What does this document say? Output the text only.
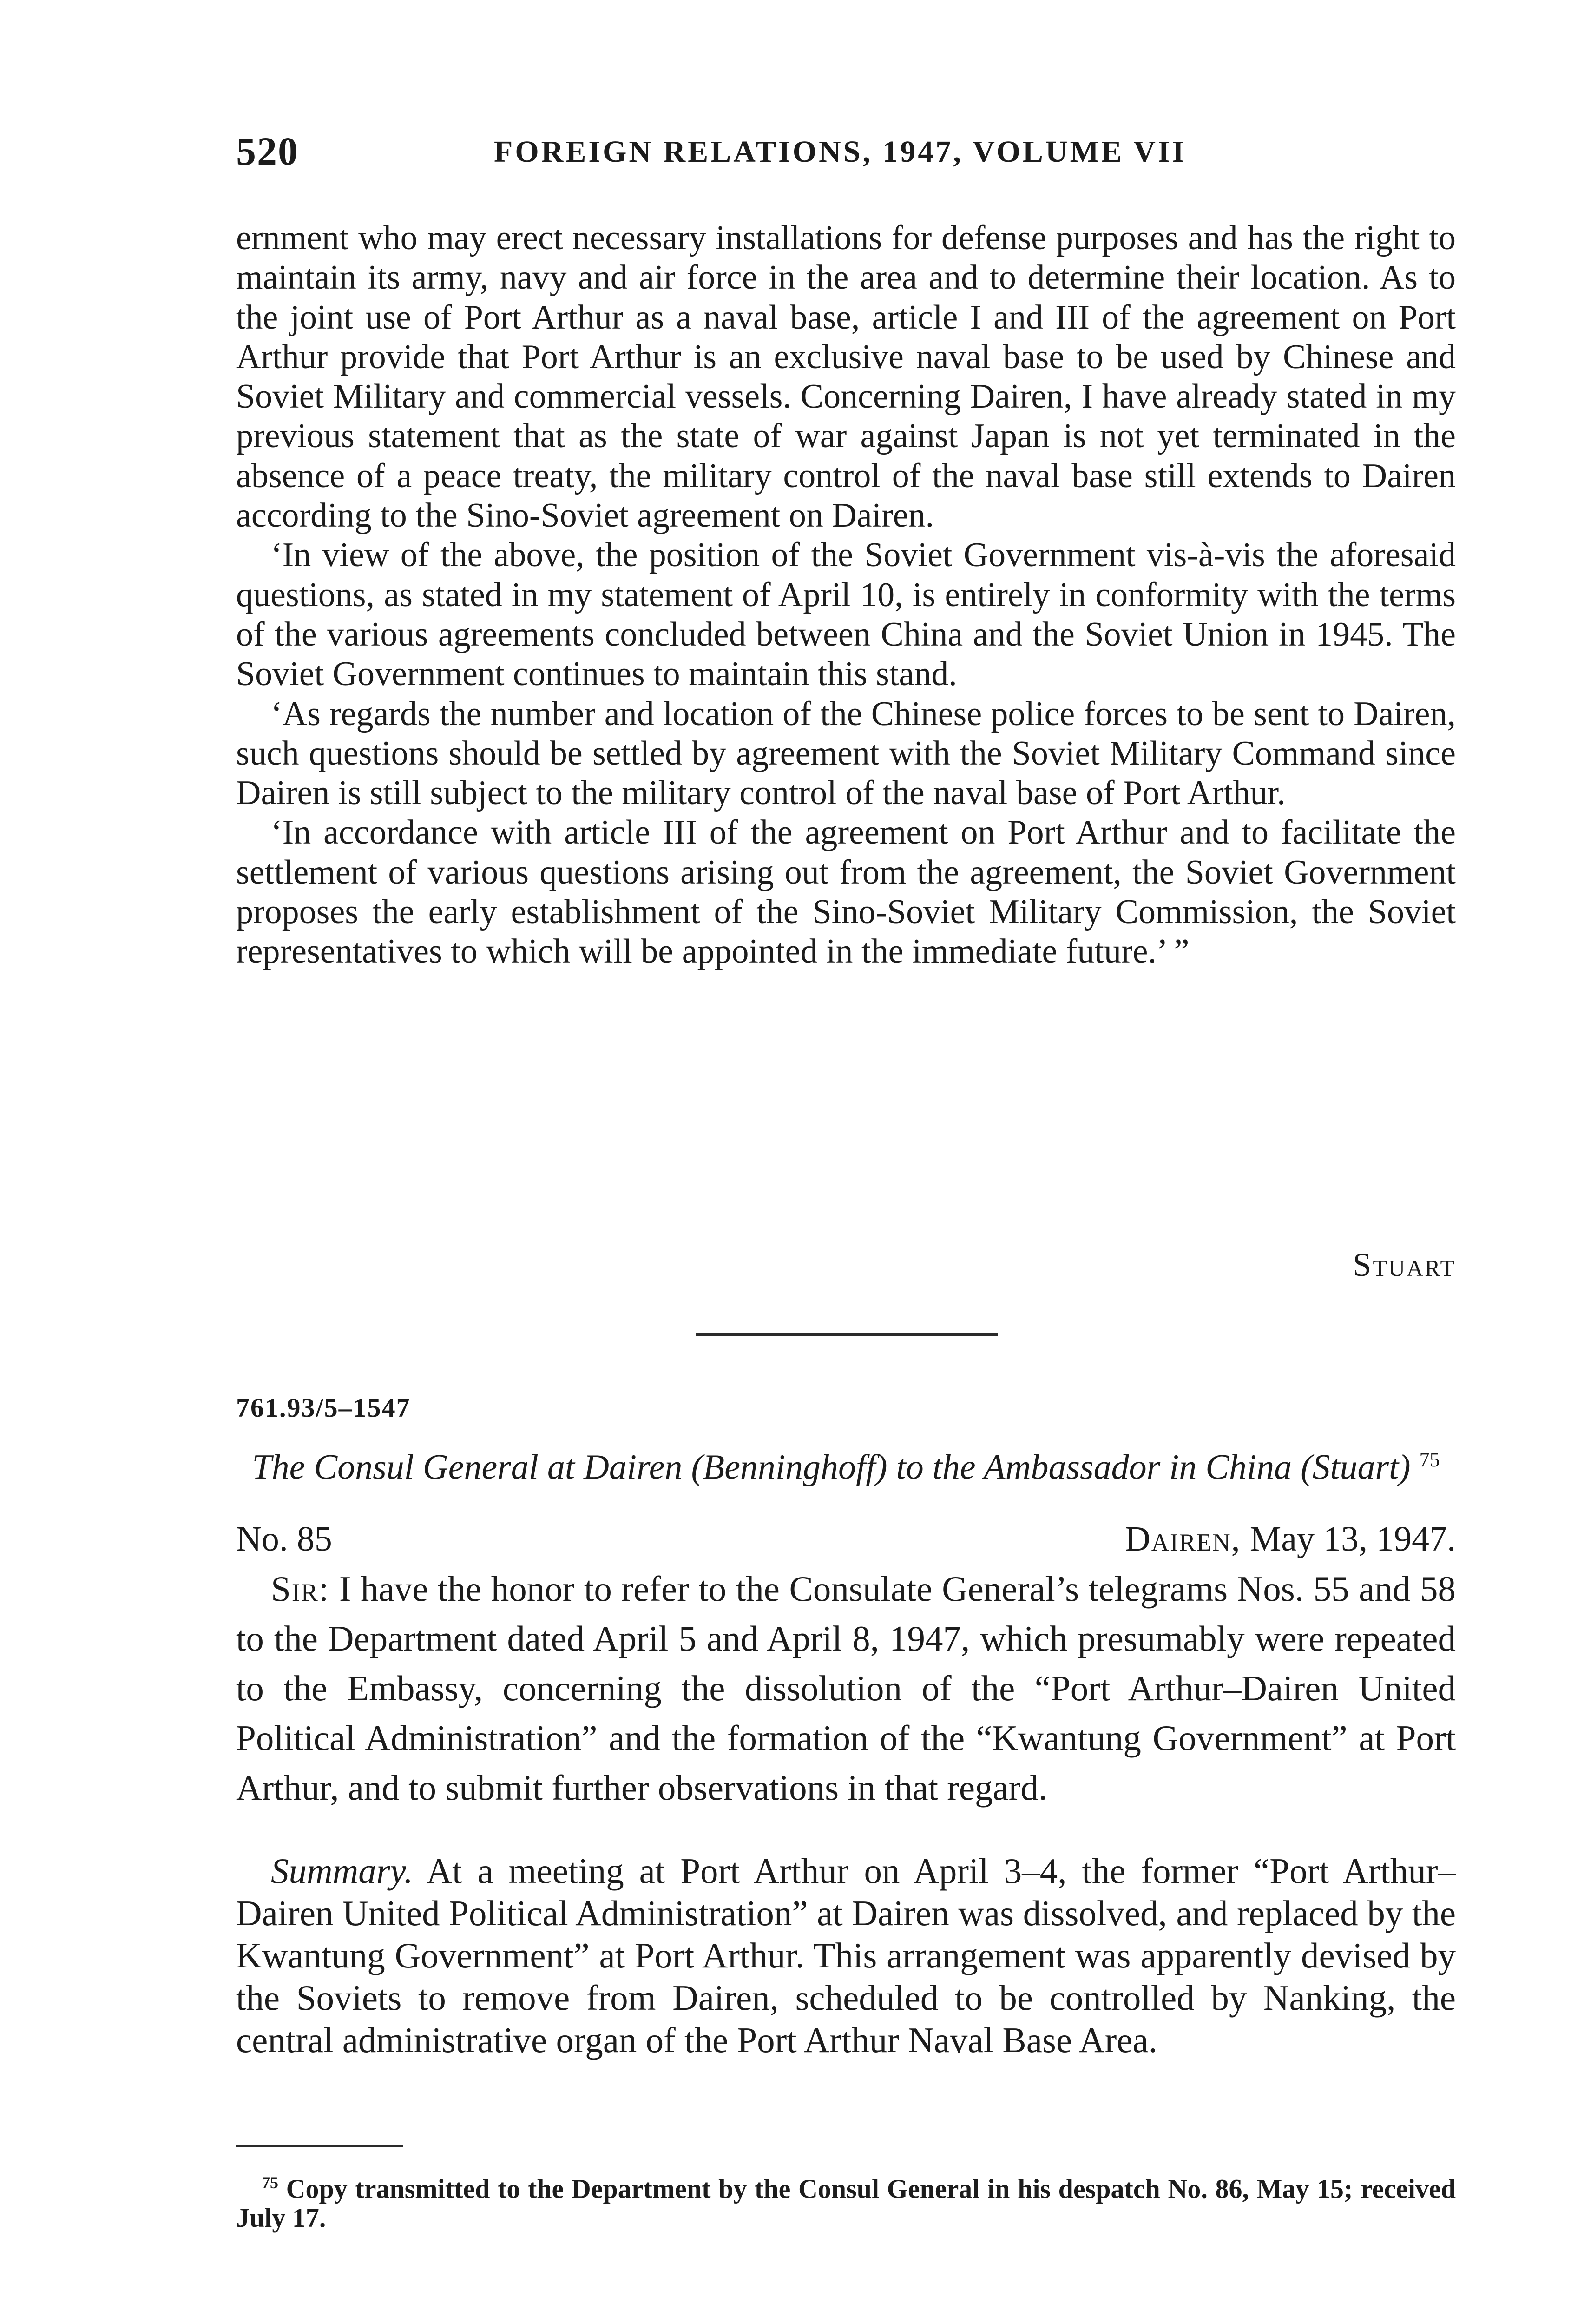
520	FOREIGN RELATIONS, 1947, VOLUME VII

ernment who may erect necessary installations for defense purposes and has the right to maintain its army, navy and air force in the area and to determine their location. As to the joint use of Port Arthur as a naval base, article I and III of the agreement on Port Arthur provide that Port Arthur is an exclusive naval base to be used by Chinese and Soviet Military and commercial vessels. Concerning Dairen, I have already stated in my previous statement that as the state of war against Japan is not yet terminated in the absence of a peace treaty, the military control of the naval base still extends to Dairen according to the Sino-Soviet agreement on Dairen.

‘In view of the above, the position of the Soviet Government vis-à-vis the aforesaid questions, as stated in my statement of April 10, is entirely in conformity with the terms of the various agreements concluded between China and the Soviet Union in 1945. The Soviet Government continues to maintain this stand.

‘As regards the number and location of the Chinese police forces to be sent to Dairen, such questions should be settled by agreement with the Soviet Military Command since Dairen is still subject to the military control of the naval base of Port Arthur.

‘In accordance with article III of the agreement on Port Arthur and to facilitate the settlement of various questions arising out from the agreement, the Soviet Government proposes the early establishment of the Sino-Soviet Military Commission, the Soviet representatives to which will be appointed in the immediate future.’ ”

Stuart
761.93/5–1547
The Consul General at Dairen (Benninghoff) to the Ambassador in China (Stuart) $^{75}$
No. 85	Dairen, May 13, 1947.

Sir: I have the honor to refer to the Consulate General’s telegrams Nos. 55 and 58 to the Department dated April 5 and April 8, 1947, which presumably were repeated to the Embassy, concerning the dissolution of the “Port Arthur–Dairen United Political Administration” and the formation of the “Kwantung Government” at Port Arthur, and to submit further observations in that regard.

Summary. At a meeting at Port Arthur on April 3–4, the former “Port Arthur–Dairen United Political Administration” at Dairen was dissolved, and replaced by the Kwantung Government” at Port Arthur. This arrangement was apparently devised by the Soviets to remove from Dairen, scheduled to be controlled by Nanking, the central administrative organ of the Port Arthur Naval Base Area.

$^{75}$ Copy transmitted to the Department by the Consul General in his despatch No. 86, May 15; received July 17.
